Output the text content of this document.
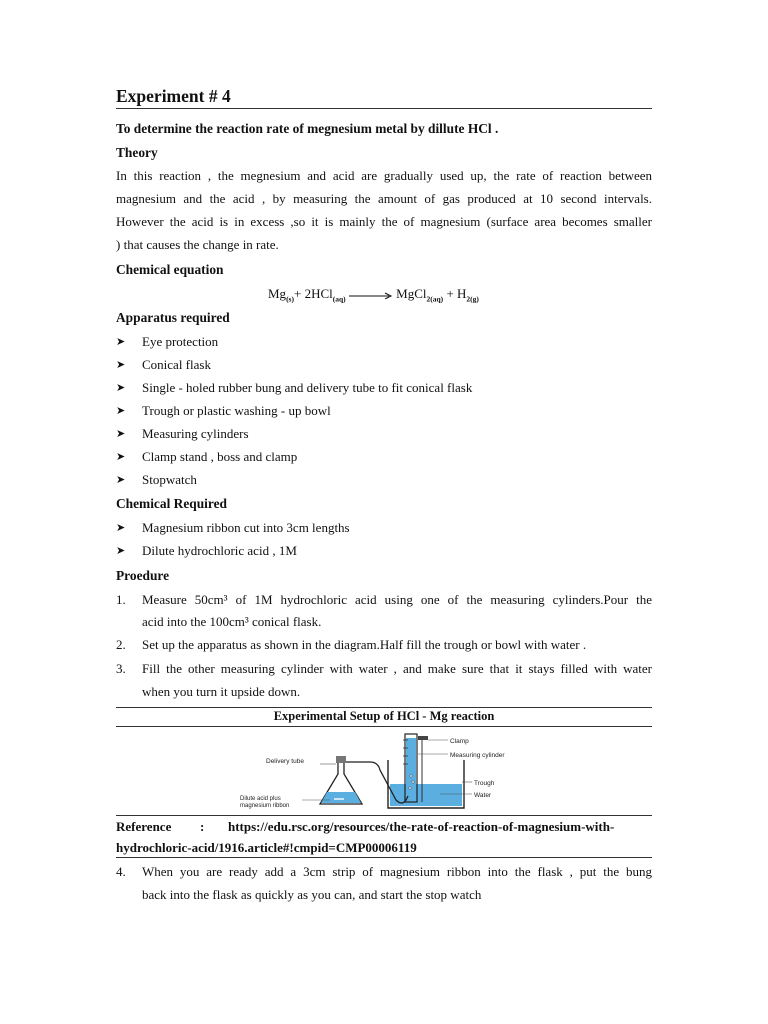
Experiment # 4
To determine the reaction rate of megnesium metal by dillute HCl .
Theory
In this reaction , the megnesium and acid are gradually used up, the rate of reaction between
magnesium and the acid , by measuring the amount of gas produced at 10 second intervals.
However the acid is in excess ,so it is mainly the of magnesium (surface area becomes smaller
) that causes the change in rate.
Chemical equation
$Mg_{(s)}+ 2HCl_{(aq)}$ → MgCl$_{2(aq)}$ + $H_{2(g)}$
Apparatus required
➤ Eye protection
➤ Conical flask
➤ Single - holed rubber bung and delivery tube to fit conical flask
➤ Trough or plastic washing - up bowl
➤ Measuring cylinders
➤ Clamp stand , boss and clamp
➤ Stopwatch
Chemical Required
➤ Magnesium ribbon cut into 3cm lengths
➤ Dilute hydrochloric acid , 1M
Proedure
1. Measure 50cm³ of 1M hydrochloric acid using one of the measuring cylinders.Pour the
acid into the 100cm³ conical flask.
2. Set up the apparatus as shown in the diagram.Half fill the trough or bowl with water .
3. Fill the other measuring cylinder with water , and make sure that it stays filled with water
when you turn it upside down.
Experimental Setup of HCl - Mg reaction
Delivery tube
Dilute acid plus
magnesium ribbon
Clamp
Measuring cylinder
Trough
Water
Reference : https://edu.rsc.org/resources/the-rate-of-reaction-of-magnesium-with-
hydrochloric-acid/1916.article#!cmpid=CMP00006119
4. When you are ready add a 3cm strip of magnesium ribbon into the flask , put the bung
back into the flask as quickly as you can, and start the stop watch
